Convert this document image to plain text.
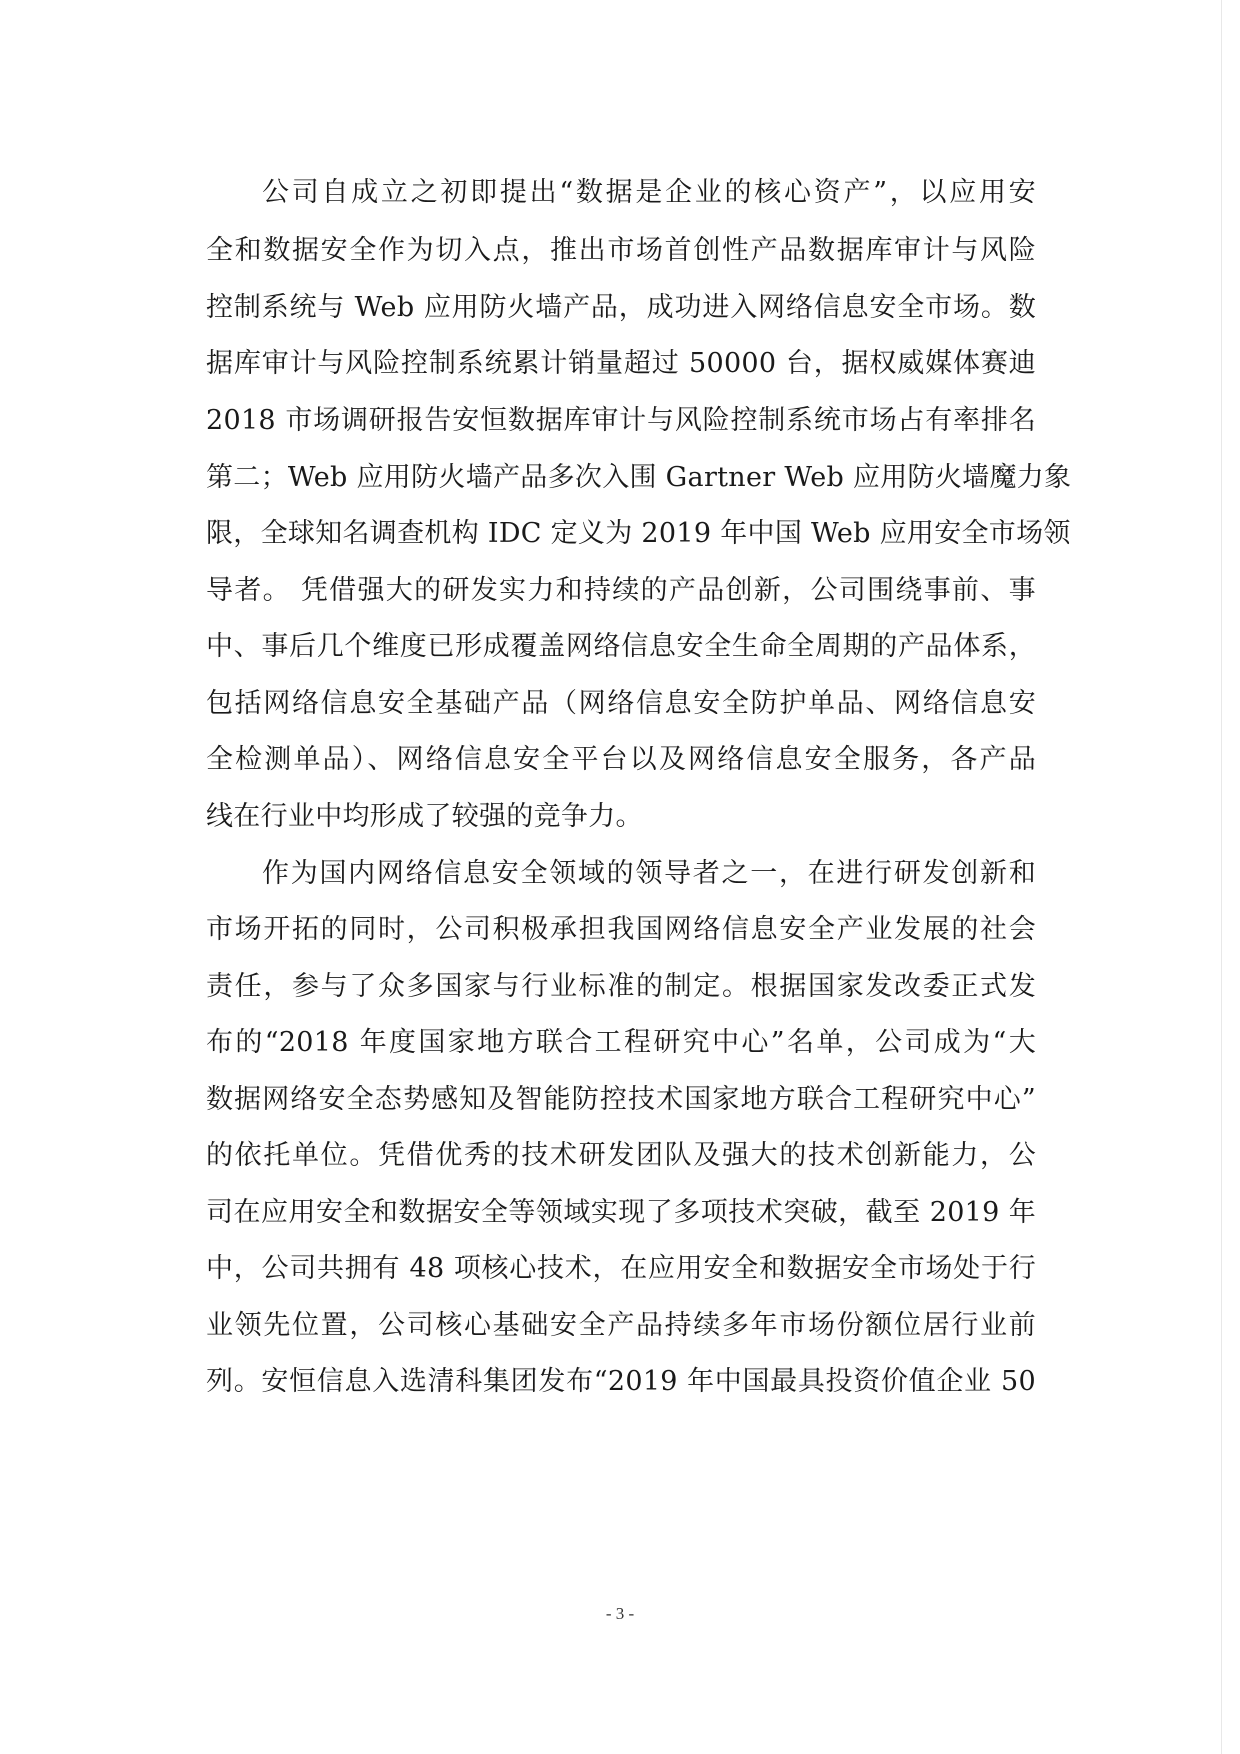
公司自成立之初即提出“数据是企业的核心资产”，以应用安
全和数据安全作为切入点，推出市场首创性产品数据库审计与风险
控制系统与 Web 应用防火墙产品，成功进入网络信息安全市场。数
据库审计与风险控制系统累计销量超过 50000 台，据权威媒体赛迪
2018 市场调研报告安恒数据库审计与风险控制系统市场占有率排名
第二；Web 应用防火墙产品多次入围 Gartner Web 应用防火墙魔力象
限，全球知名调查机构 IDC 定义为 2019 年中国 Web 应用安全市场领
导者。 凭借强大的研发实力和持续的产品创新，公司围绕事前、事
中、事后几个维度已形成覆盖网络信息安全生命全周期的产品体系，
包括网络信息安全基础产品（网络信息安全防护单品、网络信息安
全检测单品）、网络信息安全平台以及网络信息安全服务，各产品
线在行业中均形成了较强的竞争力。
作为国内网络信息安全领域的领导者之一，在进行研发创新和
市场开拓的同时，公司积极承担我国网络信息安全产业发展的社会
责任，参与了众多国家与行业标准的制定。根据国家发改委正式发
布的“2018 年度国家地方联合工程研究中心”名单，公司成为“大
数据网络安全态势感知及智能防控技术国家地方联合工程研究中心”
的依托单位。凭借优秀的技术研发团队及强大的技术创新能力，公
司在应用安全和数据安全等领域实现了多项技术突破，截至 2019 年
中，公司共拥有 48 项核心技术，在应用安全和数据安全市场处于行
业领先位置，公司核心基础安全产品持续多年市场份额位居行业前
列。安恒信息入选清科集团发布“2019 年中国最具投资价值企业 50
- 3 -
